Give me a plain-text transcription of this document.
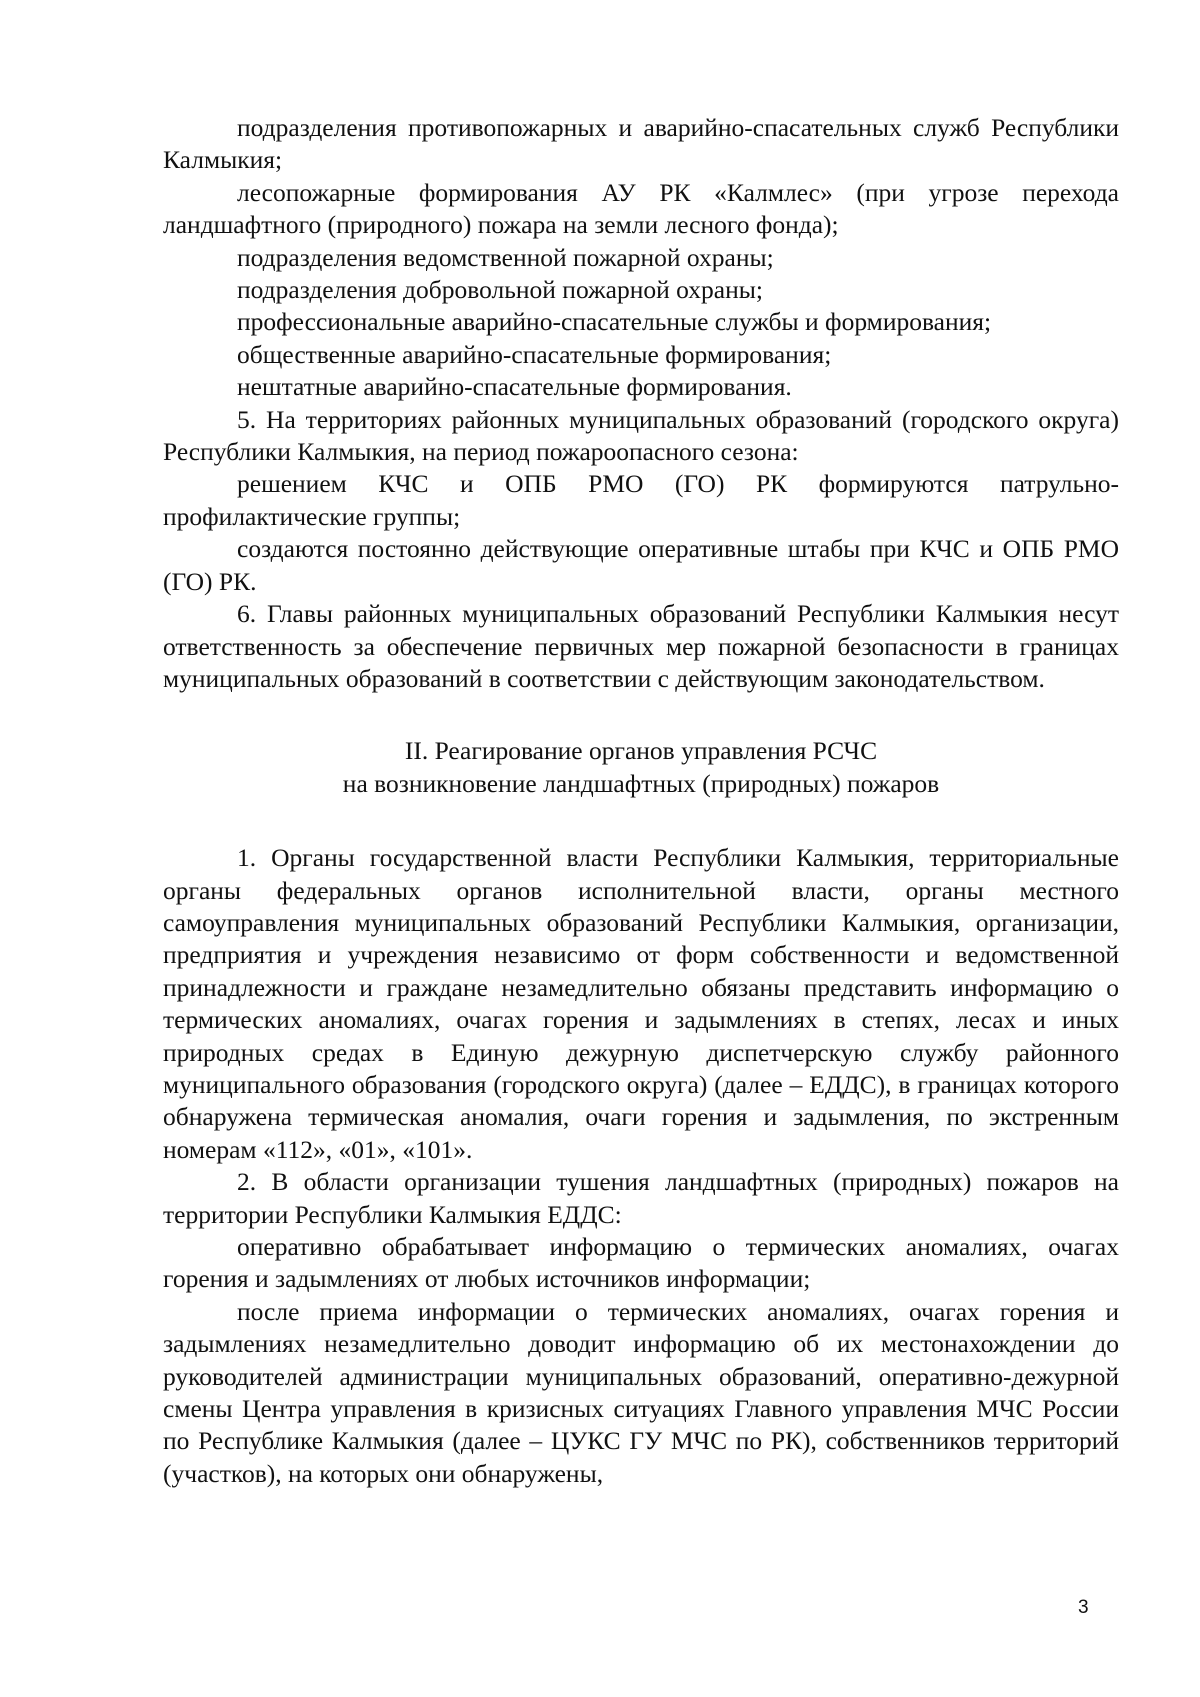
подразделения противопожарных и аварийно-спасательных служб Республики Калмыкия;

лесопожарные формирования АУ РК «Калмлес» (при угрозе перехода ландшафтного (природного) пожара на земли лесного фонда);

подразделения ведомственной пожарной охраны;

подразделения добровольной пожарной охраны;

профессиональные аварийно-спасательные службы и формирования;

общественные аварийно-спасательные формирования;

нештатные аварийно-спасательные формирования.

5. На территориях районных муниципальных образований (городского округа) Республики Калмыкия, на период пожароопасного сезона:

решением КЧС и ОПБ РМО (ГО) РК формируются патрульно-профилактические группы;

создаются постоянно действующие оперативные штабы при КЧС и ОПБ РМО (ГО) РК.

6. Главы районных муниципальных образований Республики Калмыкия несут ответственность за обеспечение первичных мер пожарной безопасности в границах муниципальных образований в соответствии с действующим законодательством.

II. Реагирование органов управления РСЧС
на возникновение ландшафтных (природных) пожаров

1. Органы государственной власти Республики Калмыкия, территориальные органы федеральных органов исполнительной власти, органы местного самоуправления муниципальных образований Республики Калмыкия, организации, предприятия и учреждения независимо от форм собственности и ведомственной принадлежности и граждане незамедлительно обязаны представить информацию о термических аномалиях, очагах горения и задымлениях в степях, лесах и иных природных средах в Единую дежурную диспетчерскую службу районного муниципального образования (городского округа) (далее – ЕДДС), в границах которого обнаружена термическая аномалия, очаги горения и задымления, по экстренным номерам «112», «01», «101».

2. В области организации тушения ландшафтных (природных) пожаров на территории Республики Калмыкия ЕДДС:

оперативно обрабатывает информацию о термических аномалиях, очагах горения и задымлениях от любых источников информации;

после приема информации о термических аномалиях, очагах горения и задымлениях незамедлительно доводит информацию об их местонахождении до руководителей администрации муниципальных образований, оперативно-дежурной смены Центра управления в кризисных ситуациях Главного управления МЧС России по Республике Калмыкия (далее – ЦУКС ГУ МЧС по РК), собственников территорий (участков), на которых они обнаружены,

3
